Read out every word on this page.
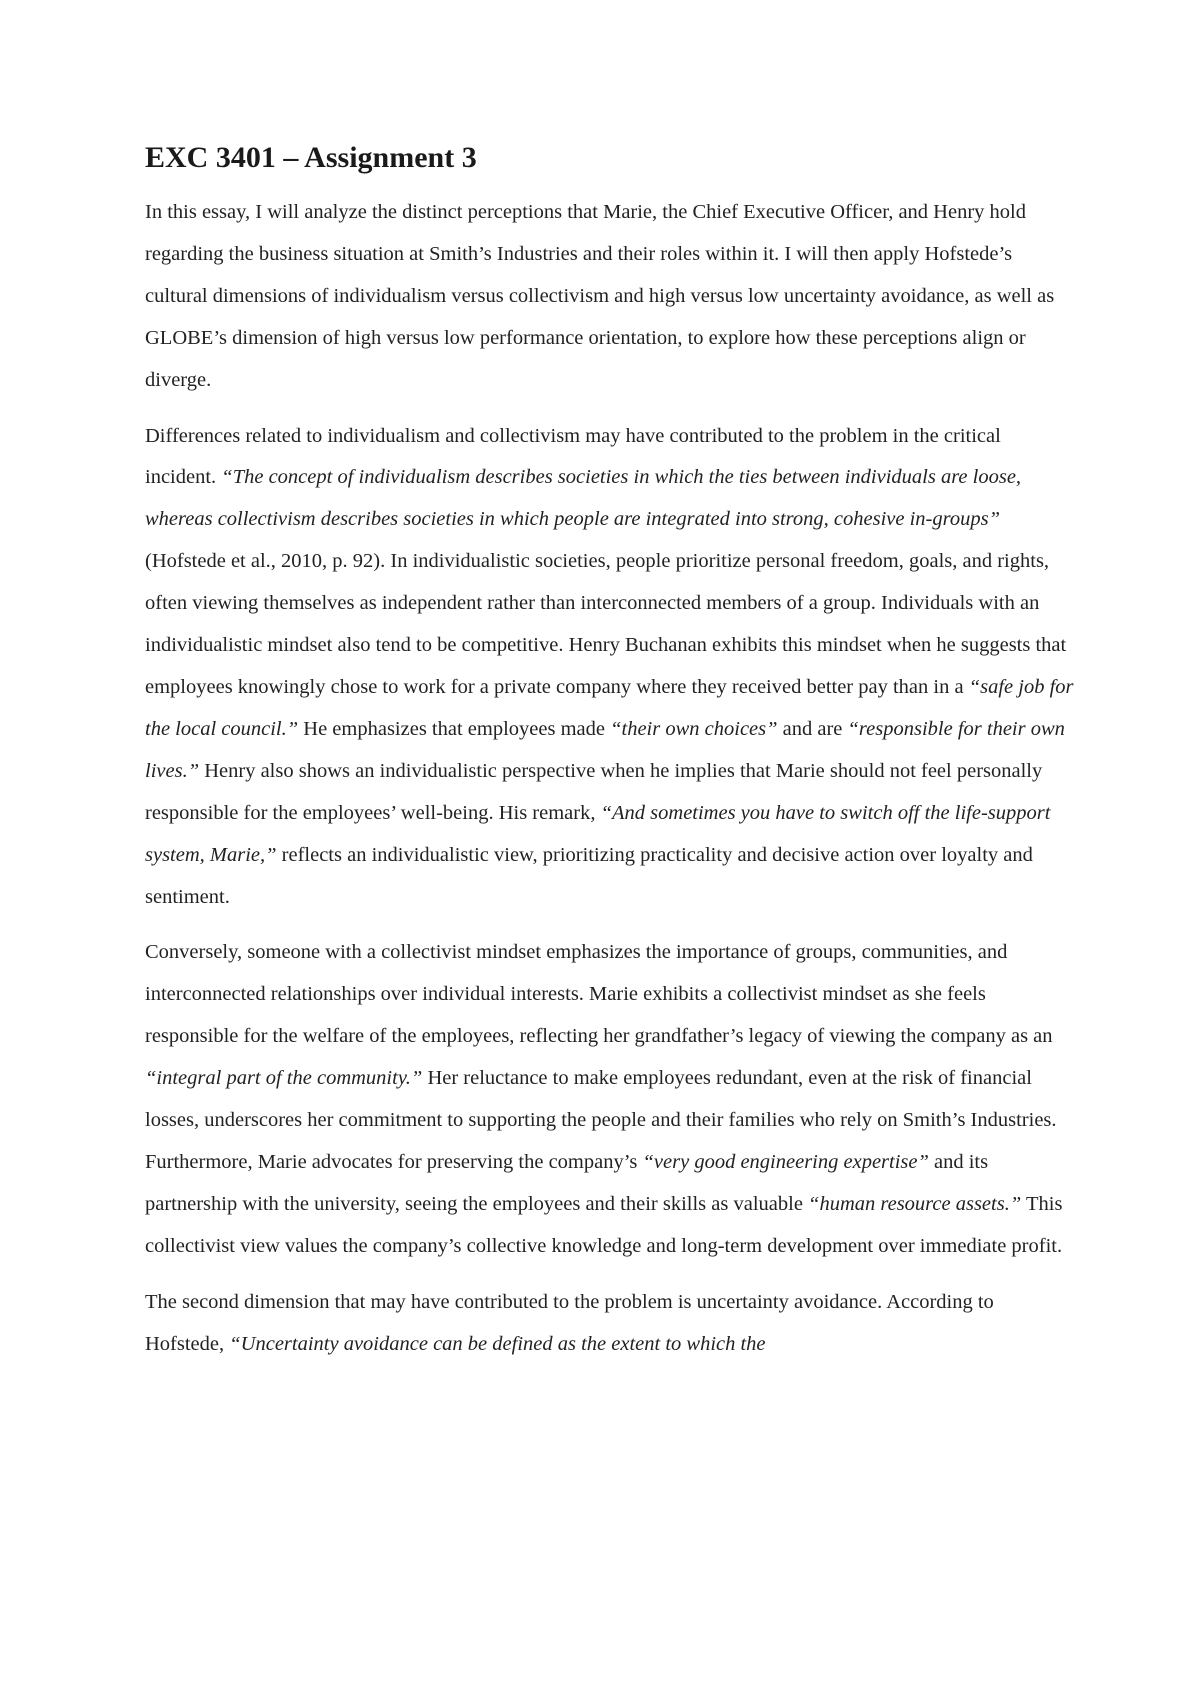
EXC 3401 – Assignment 3

In this essay, I will analyze the distinct perceptions that Marie, the Chief Executive Officer, and Henry hold regarding the business situation at Smith’s Industries and their roles within it. I will then apply Hofstede’s cultural dimensions of individualism versus collectivism and high versus low uncertainty avoidance, as well as GLOBE’s dimension of high versus low performance orientation, to explore how these perceptions align or diverge.

Differences related to individualism and collectivism may have contributed to the problem in the critical incident. “The concept of individualism describes societies in which the ties between individuals are loose, whereas collectivism describes societies in which people are integrated into strong, cohesive in-groups” (Hofstede et al., 2010, p. 92). In individualistic societies, people prioritize personal freedom, goals, and rights, often viewing themselves as independent rather than interconnected members of a group. Individuals with an individualistic mindset also tend to be competitive. Henry Buchanan exhibits this mindset when he suggests that employees knowingly chose to work for a private company where they received better pay than in a “safe job for the local council.” He emphasizes that employees made “their own choices” and are “responsible for their own lives.” Henry also shows an individualistic perspective when he implies that Marie should not feel personally responsible for the employees’ well-being. His remark, “And sometimes you have to switch off the life-support system, Marie,” reflects an individualistic view, prioritizing practicality and decisive action over loyalty and sentiment.

Conversely, someone with a collectivist mindset emphasizes the importance of groups, communities, and interconnected relationships over individual interests. Marie exhibits a collectivist mindset as she feels responsible for the welfare of the employees, reflecting her grandfather’s legacy of viewing the company as an “integral part of the community.” Her reluctance to make employees redundant, even at the risk of financial losses, underscores her commitment to supporting the people and their families who rely on Smith’s Industries. Furthermore, Marie advocates for preserving the company’s “very good engineering expertise” and its partnership with the university, seeing the employees and their skills as valuable “human resource assets.” This collectivist view values the company’s collective knowledge and long-term development over immediate profit.

The second dimension that may have contributed to the problem is uncertainty avoidance. According to Hofstede, “Uncertainty avoidance can be defined as the extent to which the
